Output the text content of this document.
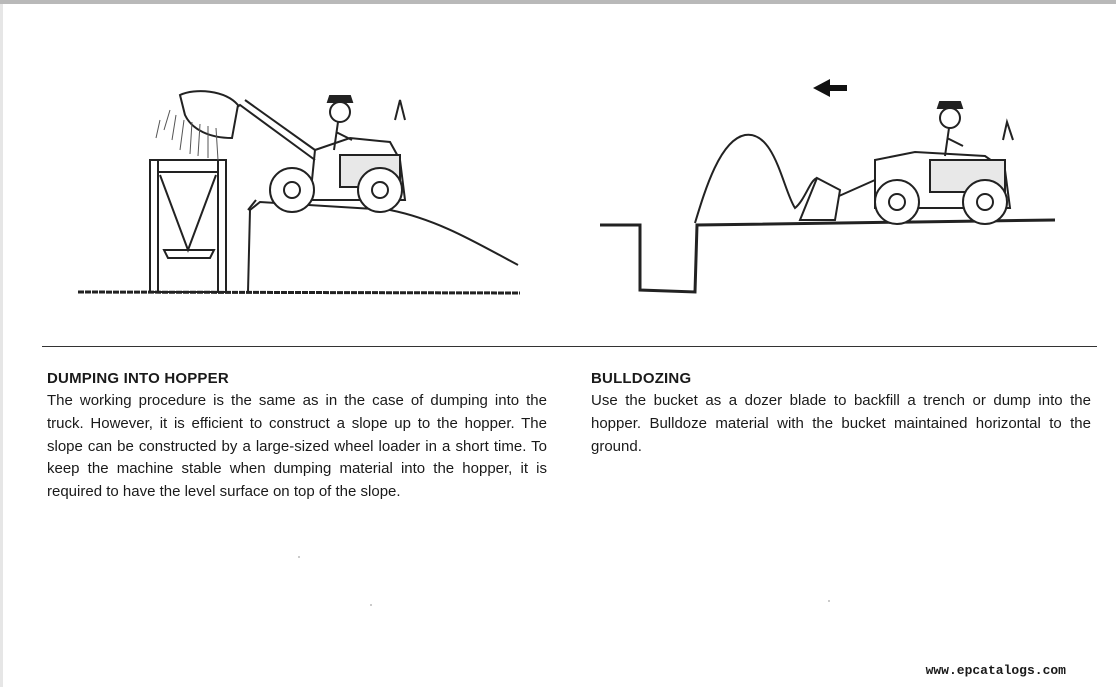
DUMPING INTO HOPPER

The working procedure is the same as in the case of dumping into the truck. However, it is efficient to construct a slope up to the hopper. The slope can be constructed by a large-sized wheel loader in a short time. To keep the machine stable when dumping material into the hopper, it is required to have the level surface on top of the slope.

BULLDOZING

Use the bucket as a dozer blade to backfill a trench or dump into the hopper. Bulldoze material with the bucket maintained horizontal to the ground.

www.epcatalogs.com
